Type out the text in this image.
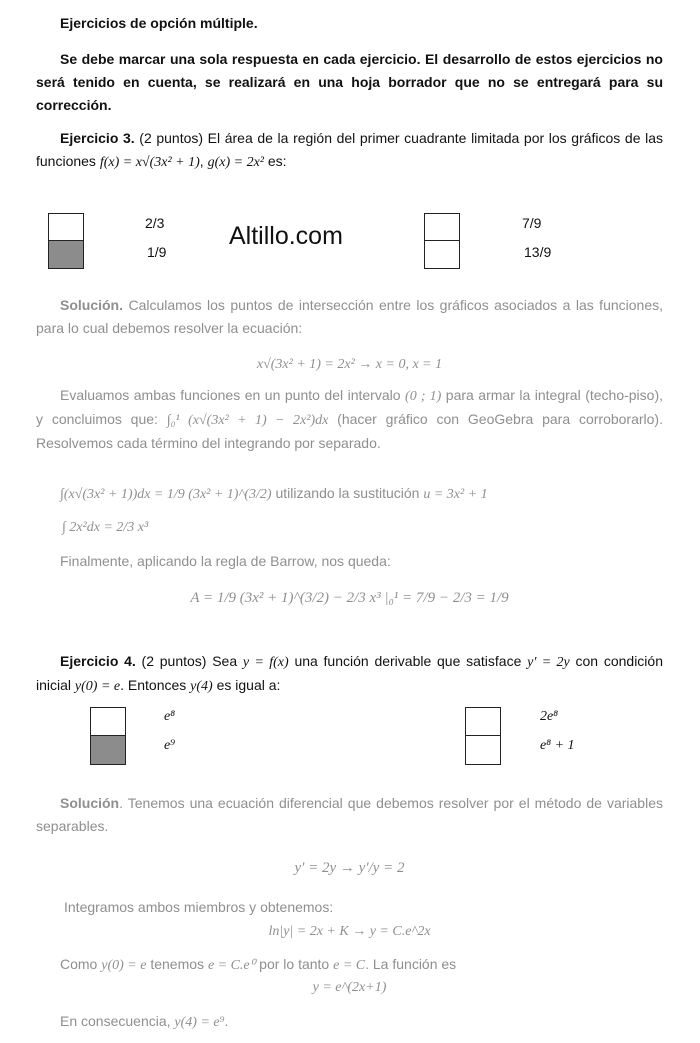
Ejercicios de opción múltiple.
Se debe marcar una sola respuesta en cada ejercicio. El desarrollo de estos ejercicios no será tenido en cuenta, se realizará en una hoja borrador que no se entregará para su corrección.
Ejercicio 3. (2 puntos) El área de la región del primer cuadrante limitada por los gráficos de las funciones f(x) = x√(3x² + 1), g(x) = 2x² es:
2/3
1/9
7/9
13/9
Altillo.com
Solución. Calculamos los puntos de intersección entre los gráficos asociados a las funciones, para lo cual debemos resolver la ecuación:
x√(3x² + 1) = 2x² → x = 0, x = 1
Evaluamos ambas funciones en un punto del intervalo (0 ; 1) para armar la integral (techo-piso), y concluimos que: ∫₀¹ (x√(3x² + 1) − 2x²)dx (hacer gráfico con GeoGebra para corroborarlo). Resolvemos cada término del integrando por separado.
∫(x√(3x² + 1))dx = 1/9 (3x² + 1)^(3/2) utilizando la sustitución u = 3x² + 1
∫ 2x²dx = 2/3 x³
Finalmente, aplicando la regla de Barrow, nos queda:
A = 1/9 (3x² + 1)^(3/2) − 2/3 x³ |₀¹ = 7/9 − 2/3 = 1/9
Ejercicio 4. (2 puntos) Sea y = f(x) una función derivable que satisface y′ = 2y con condición inicial y(0) = e. Entonces y(4) es igual a:
e⁸
e⁹
2e⁸
e⁸ + 1
Solución. Tenemos una ecuación diferencial que debemos resolver por el método de variables separables.
y′ = 2y → y′/y = 2
Integramos ambos miembros y obtenemos:
ln|y| = 2x + K → y = C.e^2x
Como y(0) = e tenemos e = C.e⁰ por lo tanto e = C. La función es
y = e^(2x+1)
En consecuencia, y(4) = e⁹.
